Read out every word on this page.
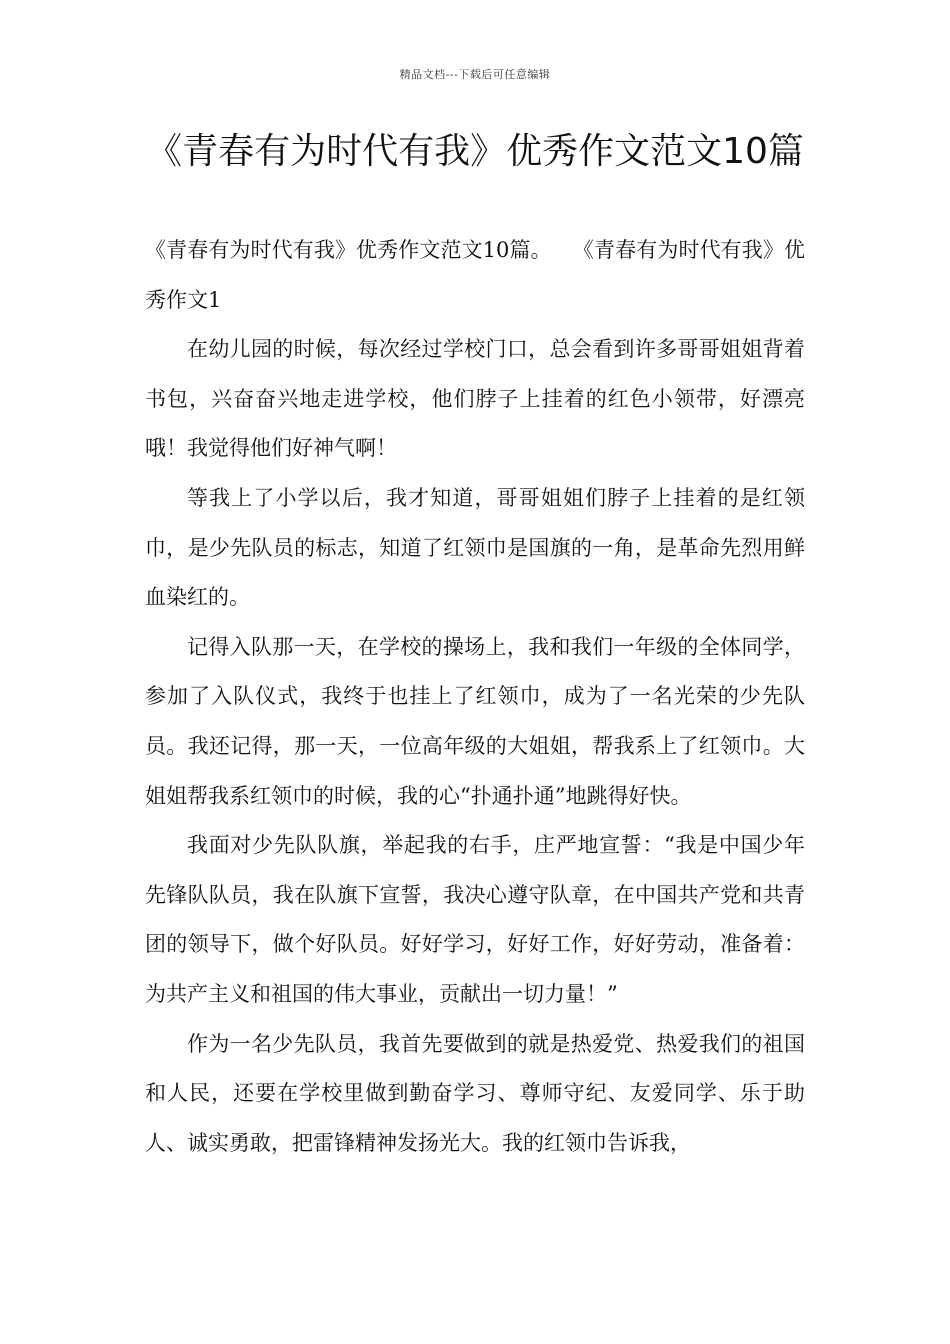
精品文档---下载后可任意编辑
《青春有为时代有我》优秀作文范文10篇

《青春有为时代有我》优秀作文范文10篇。　　《青春有为时代有我》优秀作文1

在幼儿园的时候，每次经过学校门口，总会看到许多哥哥姐姐背着书包，兴奋奋兴地走进学校，他们脖子上挂着的红色小领带，好漂亮哦！我觉得他们好神气啊！

等我上了小学以后，我才知道，哥哥姐姐们脖子上挂着的是红领巾，是少先队员的标志，知道了红领巾是国旗的一角，是革命先烈用鲜血染红的。

记得入队那一天，在学校的操场上，我和我们一年级的全体同学，参加了入队仪式，我终于也挂上了红领巾，成为了一名光荣的少先队员。我还记得，那一天，一位高年级的大姐姐，帮我系上了红领巾。大姐姐帮我系红领巾的时候，我的心“扑通扑通”地跳得好快。

我面对少先队队旗，举起我的右手，庄严地宣誓：“我是中国少年先锋队队员，我在队旗下宣誓，我决心遵守队章，在中国共产党和共青团的领导下，做个好队员。好好学习，好好工作，好好劳动，准备着：为共产主义和祖国的伟大事业，贡献出一切力量！”

作为一名少先队员，我首先要做到的就是热爱党、热爱我们的祖国和人民，还要在学校里做到勤奋学习、尊师守纪、友爱同学、乐于助人、诚实勇敢，把雷锋精神发扬光大。我的红领巾告诉我，
